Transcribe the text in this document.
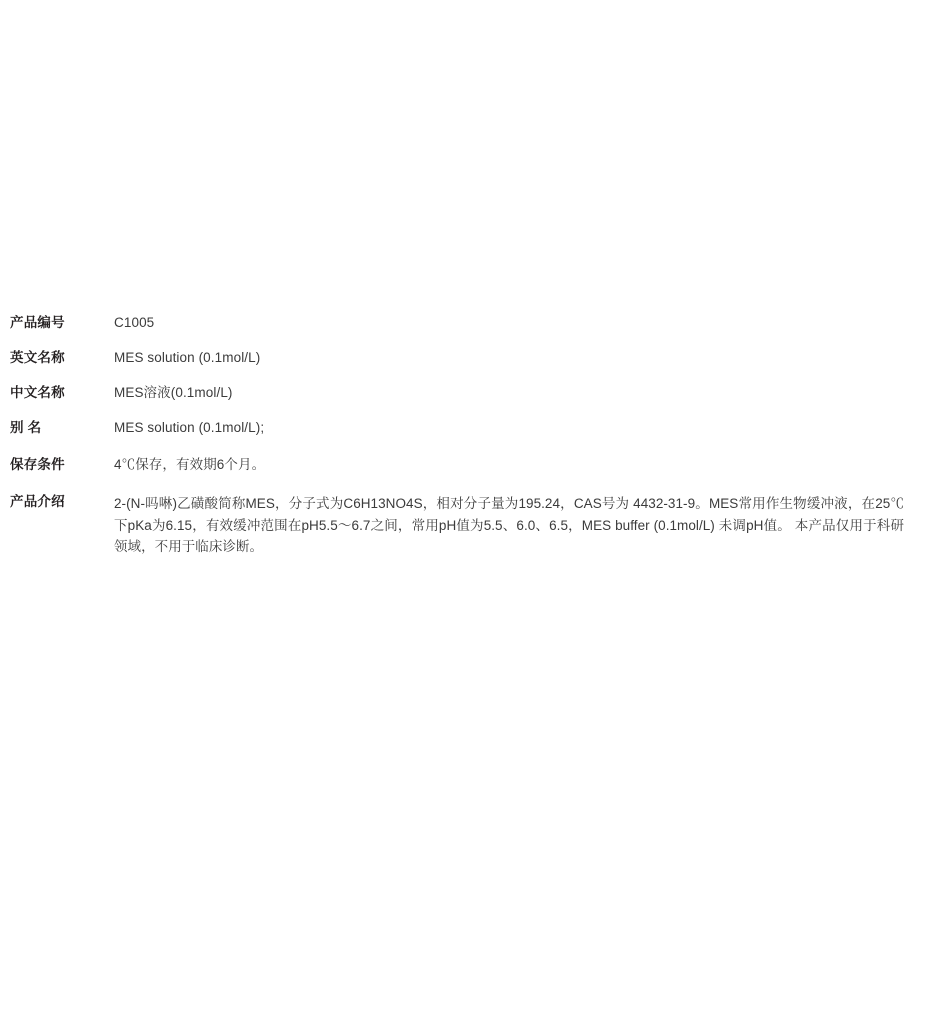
产品编号	C1005

英文名称	MES solution (0.1mol/L)

中文名称	MES溶液(0.1mol/L)

别 名	MES solution (0.1mol/L);

保存条件	4℃保存，有效期6个月。

产品介绍	2-(N-吗啉)乙磺酸简称MES，分子式为C6H13NO4S，相对分子量为195.24，CAS号为 4432-31-9。MES常用作生物缓冲液，在25℃下pKa为6.15，有效缓冲范围在pH5.5～6.7之间，常用pH值为5.5、6.0、6.5，MES buffer (0.1mol/L) 未调pH值。 本产品仅用于科研领域，不用于临床诊断。
